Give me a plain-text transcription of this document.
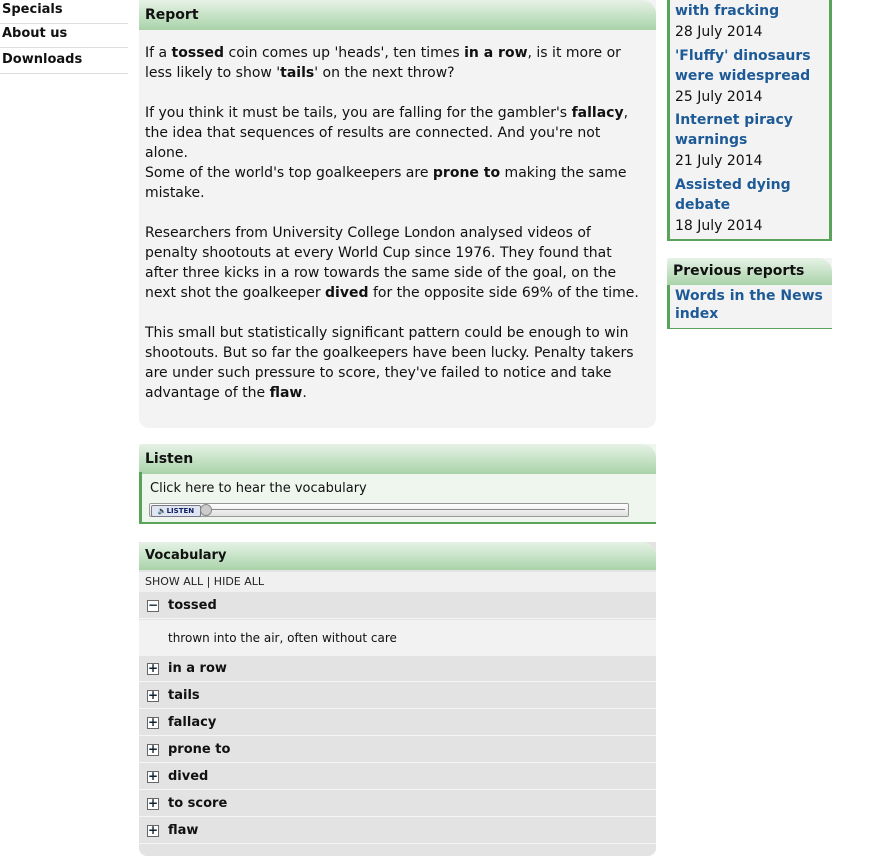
Specials
About us
Downloads
Report

If a tossed coin comes up 'heads', ten times in a row, is it more or less likely to show 'tails' on the next throw?

If you think it must be tails, you are falling for the gambler's fallacy, the idea that sequences of results are connected. And you're not alone.

Some of the world's top goalkeepers are prone to making the same mistake.

Researchers from University College London analysed videos of penalty shootouts at every World Cup since 1976. They found that after three kicks in a row towards the same side of the goal, on the next shot the goalkeeper dived for the opposite side 69% of the time.

This small but statistically significant pattern could be enough to win shootouts. But so far the goalkeepers have been lucky. Penalty takers are under such pressure to score, they've failed to notice and take advantage of the flaw.

Listen
Click here to hear the vocabulary
🔈LISTEN
Vocabulary
SHOW ALL | HIDE ALL
− tossed
thrown into the air, often without care
+ in a row
+ tails
+ fallacy
+ prone to
+ dived
+ to score
+ flaw
with fracking
28 July 2014
'Fluffy' dinosaurs were widespread
25 July 2014
Internet piracy warnings
21 July 2014
Assisted dying debate
18 July 2014
Previous reports
Words in the News index
